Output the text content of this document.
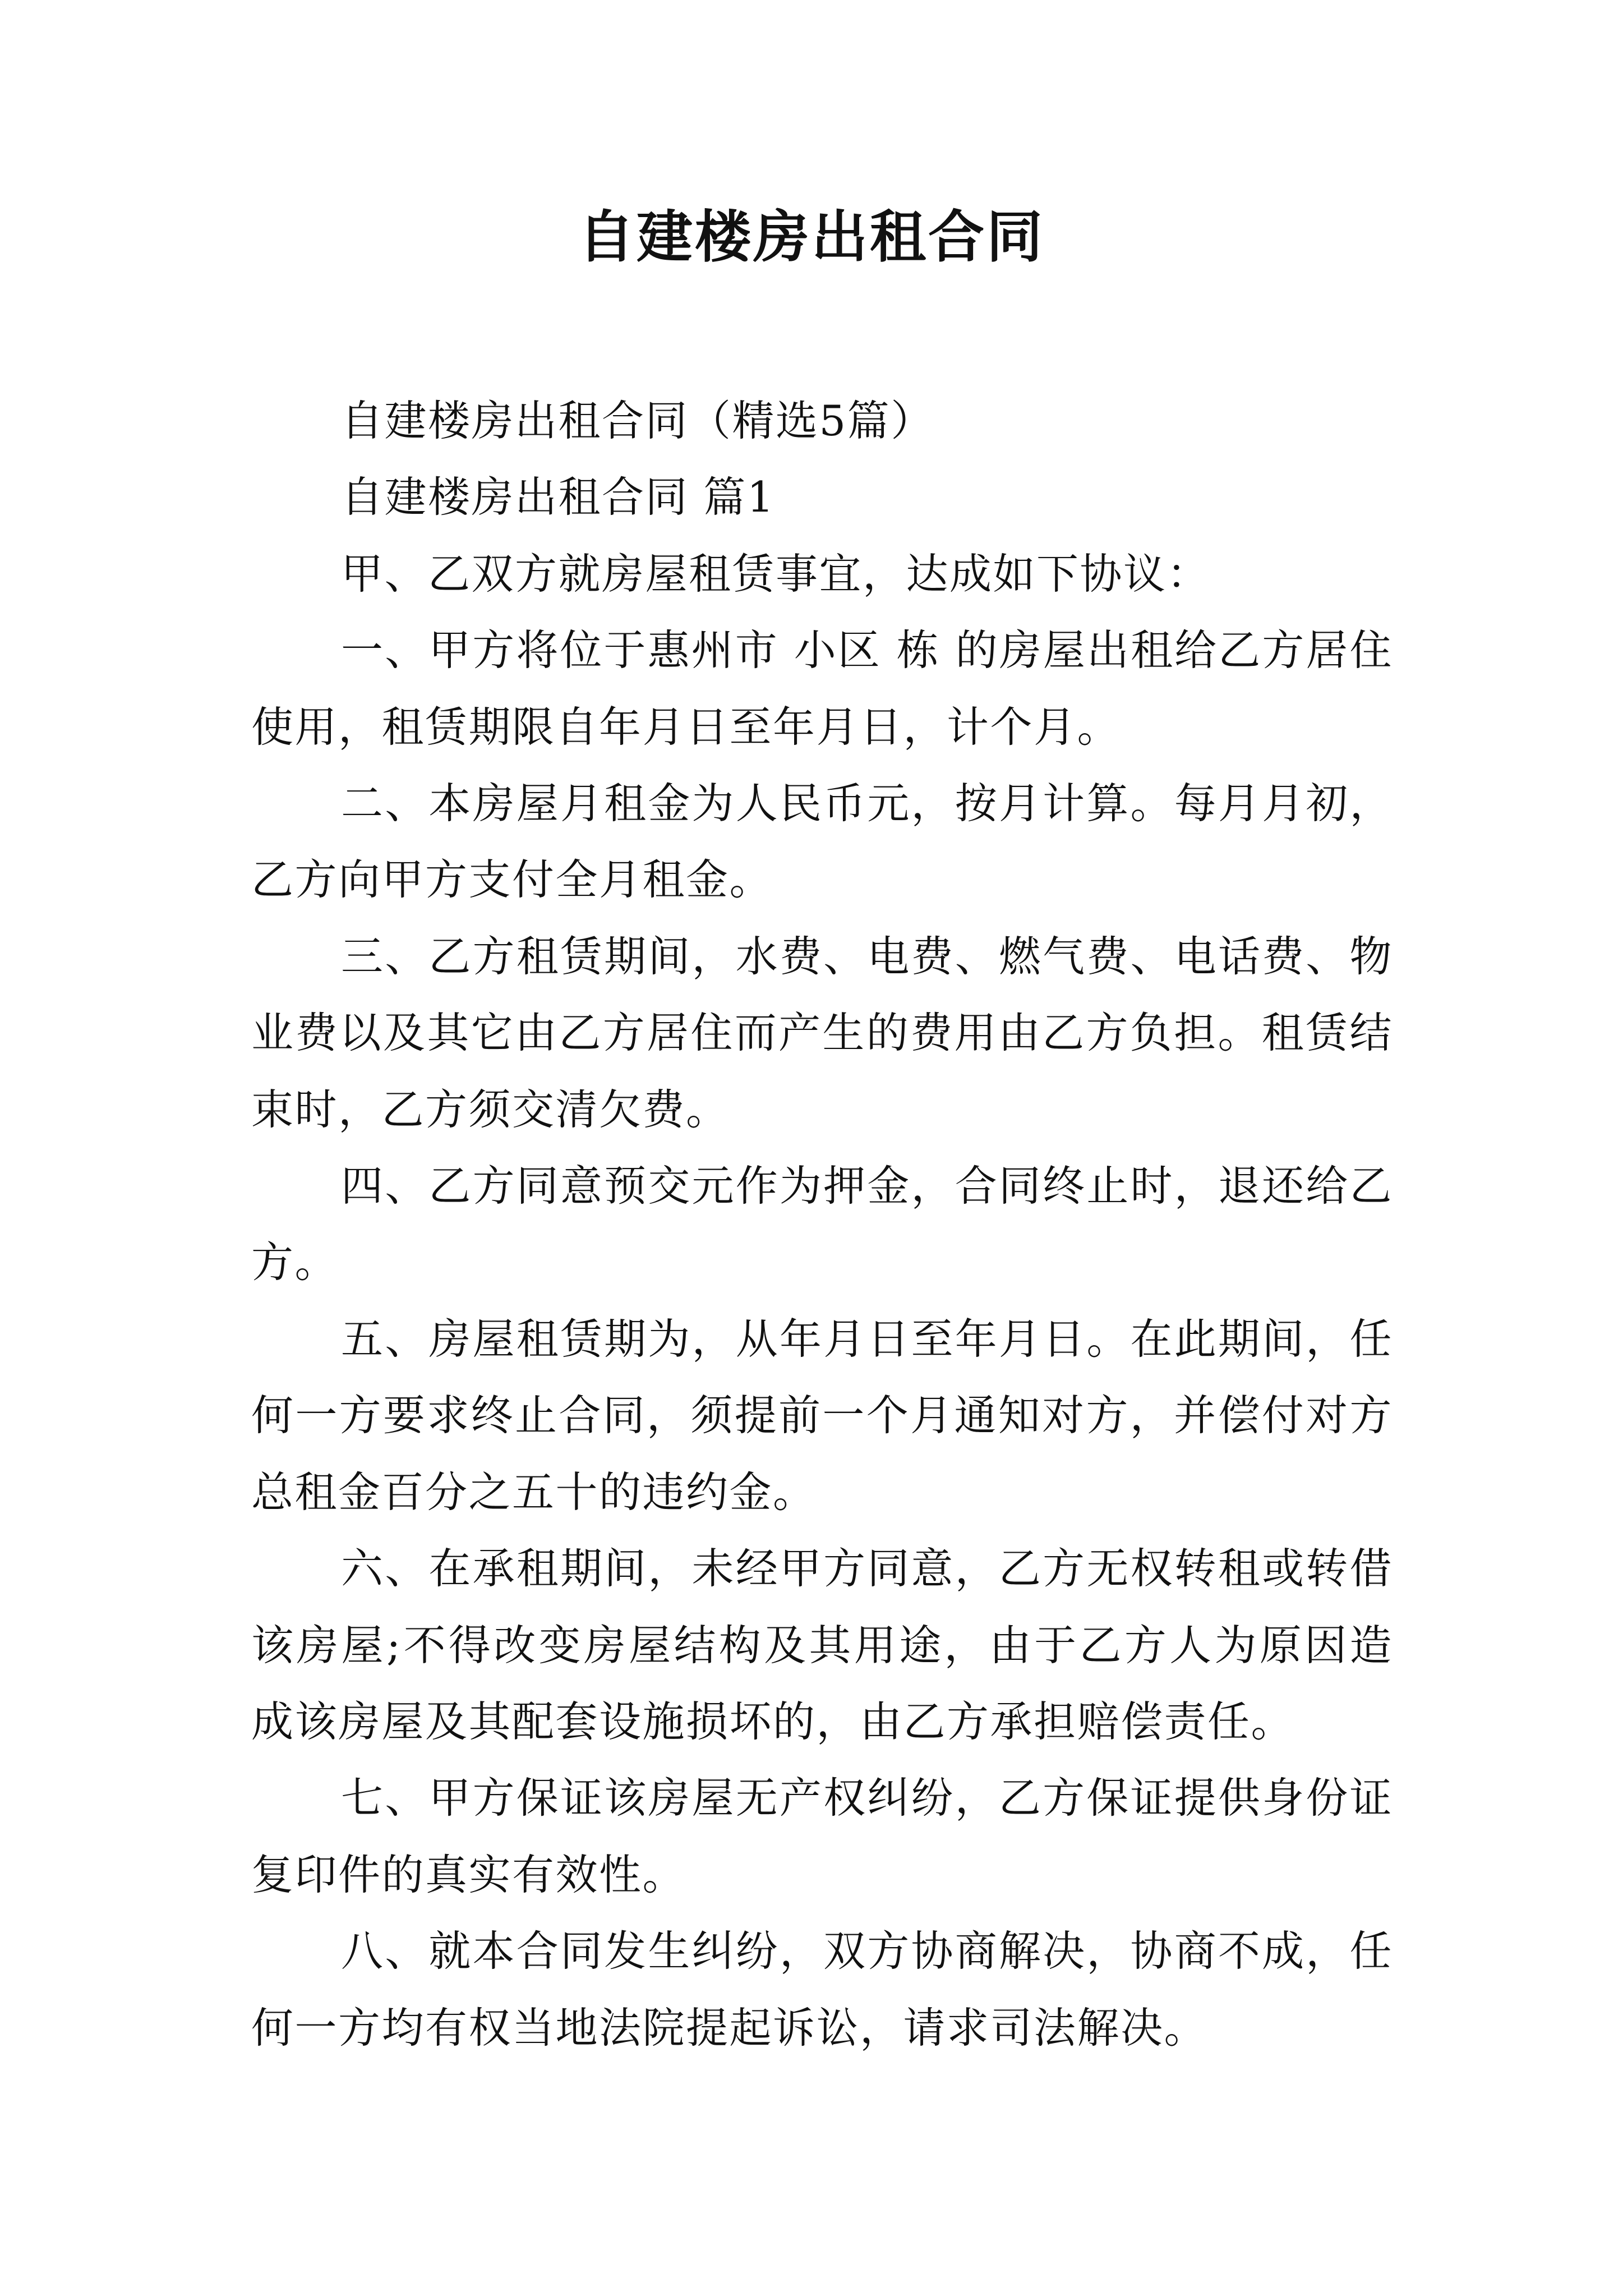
自建楼房出租合同

自建楼房出租合同（精选5篇）

自建楼房出租合同 篇1

甲、乙双方就房屋租赁事宜，达成如下协议：

一、甲方将位于惠州市 小区 栋 的房屋出租给乙方居住使用，租赁期限自年月日至年月日，计个月。

二、本房屋月租金为人民币元，按月计算。每月月初，乙方向甲方支付全月租金。

三、乙方租赁期间，水费、电费、燃气费、电话费、物业费以及其它由乙方居住而产生的费用由乙方负担。租赁结束时，乙方须交清欠费。

四、乙方同意预交元作为押金，合同终止时，退还给乙方。

五、房屋租赁期为，从年月日至年月日。在此期间，任何一方要求终止合同，须提前一个月通知对方，并偿付对方总租金百分之五十的违约金。

六、在承租期间，未经甲方同意，乙方无权转租或转借该房屋;不得改变房屋结构及其用途，由于乙方人为原因造成该房屋及其配套设施损坏的，由乙方承担赔偿责任。

七、甲方保证该房屋无产权纠纷，乙方保证提供身份证复印件的真实有效性。

八、就本合同发生纠纷，双方协商解决，协商不成，任何一方均有权当地法院提起诉讼，请求司法解决。
